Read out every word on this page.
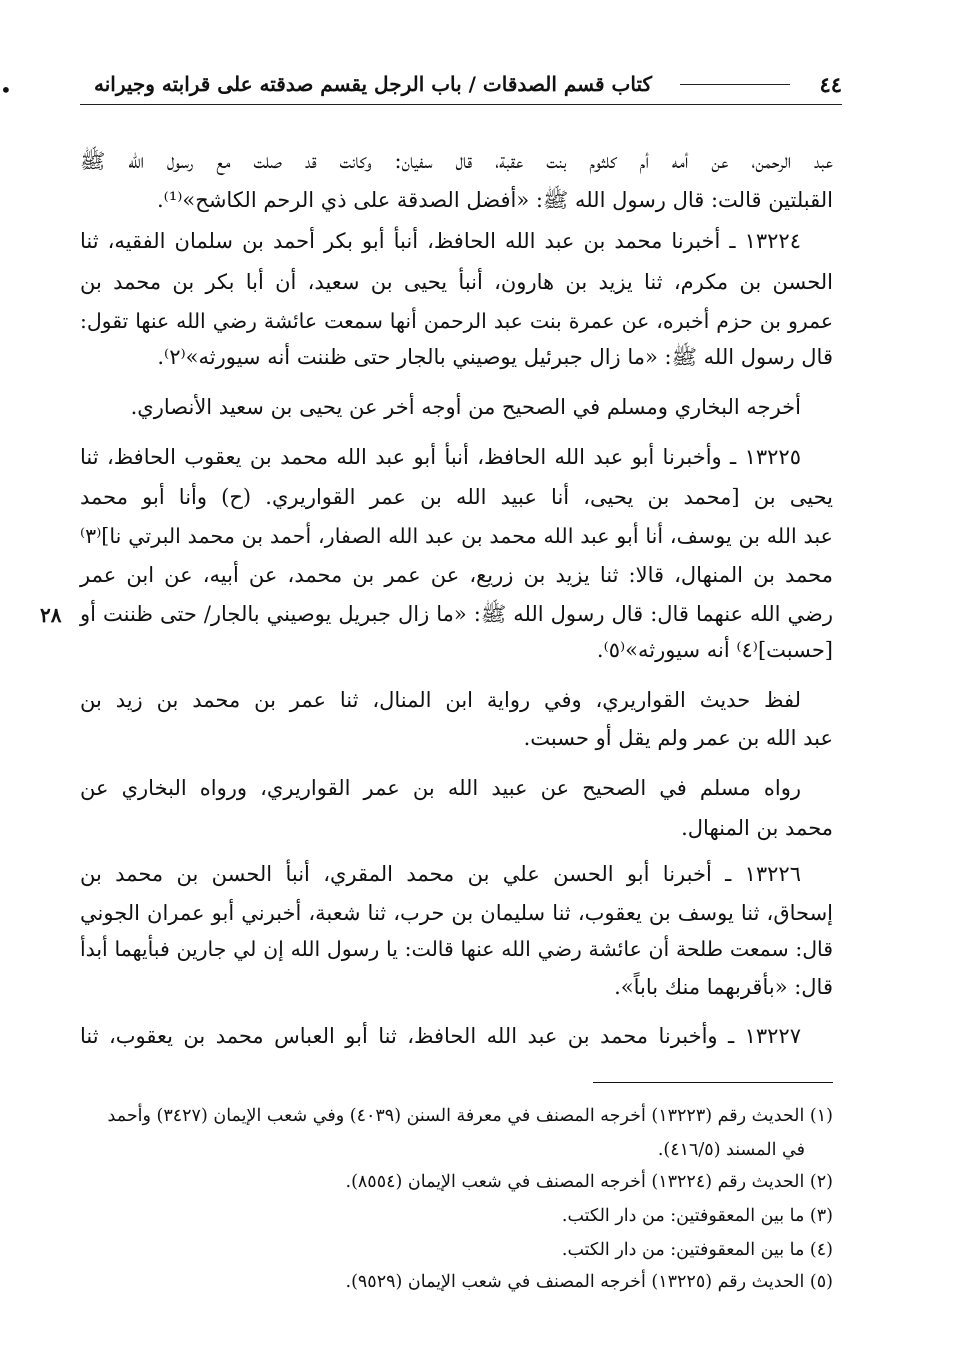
•	٤٤
كتاب قسم الصدقات / باب الرجل يقسم صدقته على قرابته وجيرانه
عبد الرحمن، عن أمه أم كلثوم بنت عقبة، قال سفيان: وكانت قد صلت مع رسول الله ﷺ
القبلتين قالت: قال رسول الله ﷺ: «أفضل الصدقة على ذي الرحم الكاشح»⁽¹⁾.
١٣٢٢٤ ـ أخبرنا محمد بن عبد الله الحافظ، أنبأ أبو بكر أحمد بن سلمان الفقيه، ثنا
الحسن بن مكرم، ثنا يزيد بن هارون، أنبأ يحيى بن سعيد، أن أبا بكر بن محمد بن
عمرو بن حزم أخبره، عن عمرة بنت عبد الرحمن أنها سمعت عائشة رضي الله عنها تقول:
قال رسول الله ﷺ: «ما زال جبرئيل يوصيني بالجار حتى ظننت أنه سيورثه»⁽٢⁾.
أخرجه البخاري ومسلم في الصحيح من أوجه أخر عن يحيى بن سعيد الأنصاري.
١٣٢٢٥ ـ وأخبرنا أبو عبد الله الحافظ، أنبأ أبو عبد الله محمد بن يعقوب الحافظ، ثنا
يحيى بن [محمد بن يحيى، أنا عبيد الله بن عمر القواريري. (ح) وأنا أبو محمد
عبد الله بن يوسف، أنا أبو عبد الله محمد بن عبد الله الصفار، أحمد بن محمد البرتي نا]⁽٣⁾
محمد بن المنهال، قالا: ثنا يزيد بن زريع، عن عمر بن محمد، عن أبيه، عن ابن عمر
رضي الله عنهما قال: قال رسول الله ﷺ: «ما زال جبريل يوصيني بالجار/ حتى ظننت أو
[حسبت]⁽٤⁾ أنه سيورثه»⁽٥⁾.
لفظ حديث القواريري، وفي رواية ابن المنال، ثنا عمر بن محمد بن زيد بن
عبد الله بن عمر ولم يقل أو حسبت.
رواه مسلم في الصحيح عن عبيد الله بن عمر القواريري، ورواه البخاري عن
محمد بن المنهال.
١٣٢٢٦ ـ أخبرنا أبو الحسن علي بن محمد المقري، أنبأ الحسن بن محمد بن
إسحاق، ثنا يوسف بن يعقوب، ثنا سليمان بن حرب، ثنا شعبة، أخبرني أبو عمران الجوني
قال: سمعت طلحة أن عائشة رضي الله عنها قالت: يا رسول الله إن لي جارين فبأيهما أبدأ
قال: «بأقربهما منك باباً».
١٣٢٢٧ ـ وأخبرنا محمد بن عبد الله الحافظ، ثنا أبو العباس محمد بن يعقوب، ثنا
٢٨
(١) الحديث رقم (١٣٢٢٣) أخرجه المصنف في معرفة السنن (٤٠٣٩) وفي شعب الإيمان (٣٤٢٧) وأحمد
في المسند (٤١٦/٥).
(٢) الحديث رقم (١٣٢٢٤) أخرجه المصنف في شعب الإيمان (٨٥٥٤).
(٣) ما بين المعقوفتين: من دار الكتب.
(٤) ما بين المعقوفتين: من دار الكتب.
(٥) الحديث رقم (١٣٢٢٥) أخرجه المصنف في شعب الإيمان (٩٥٢٩).
